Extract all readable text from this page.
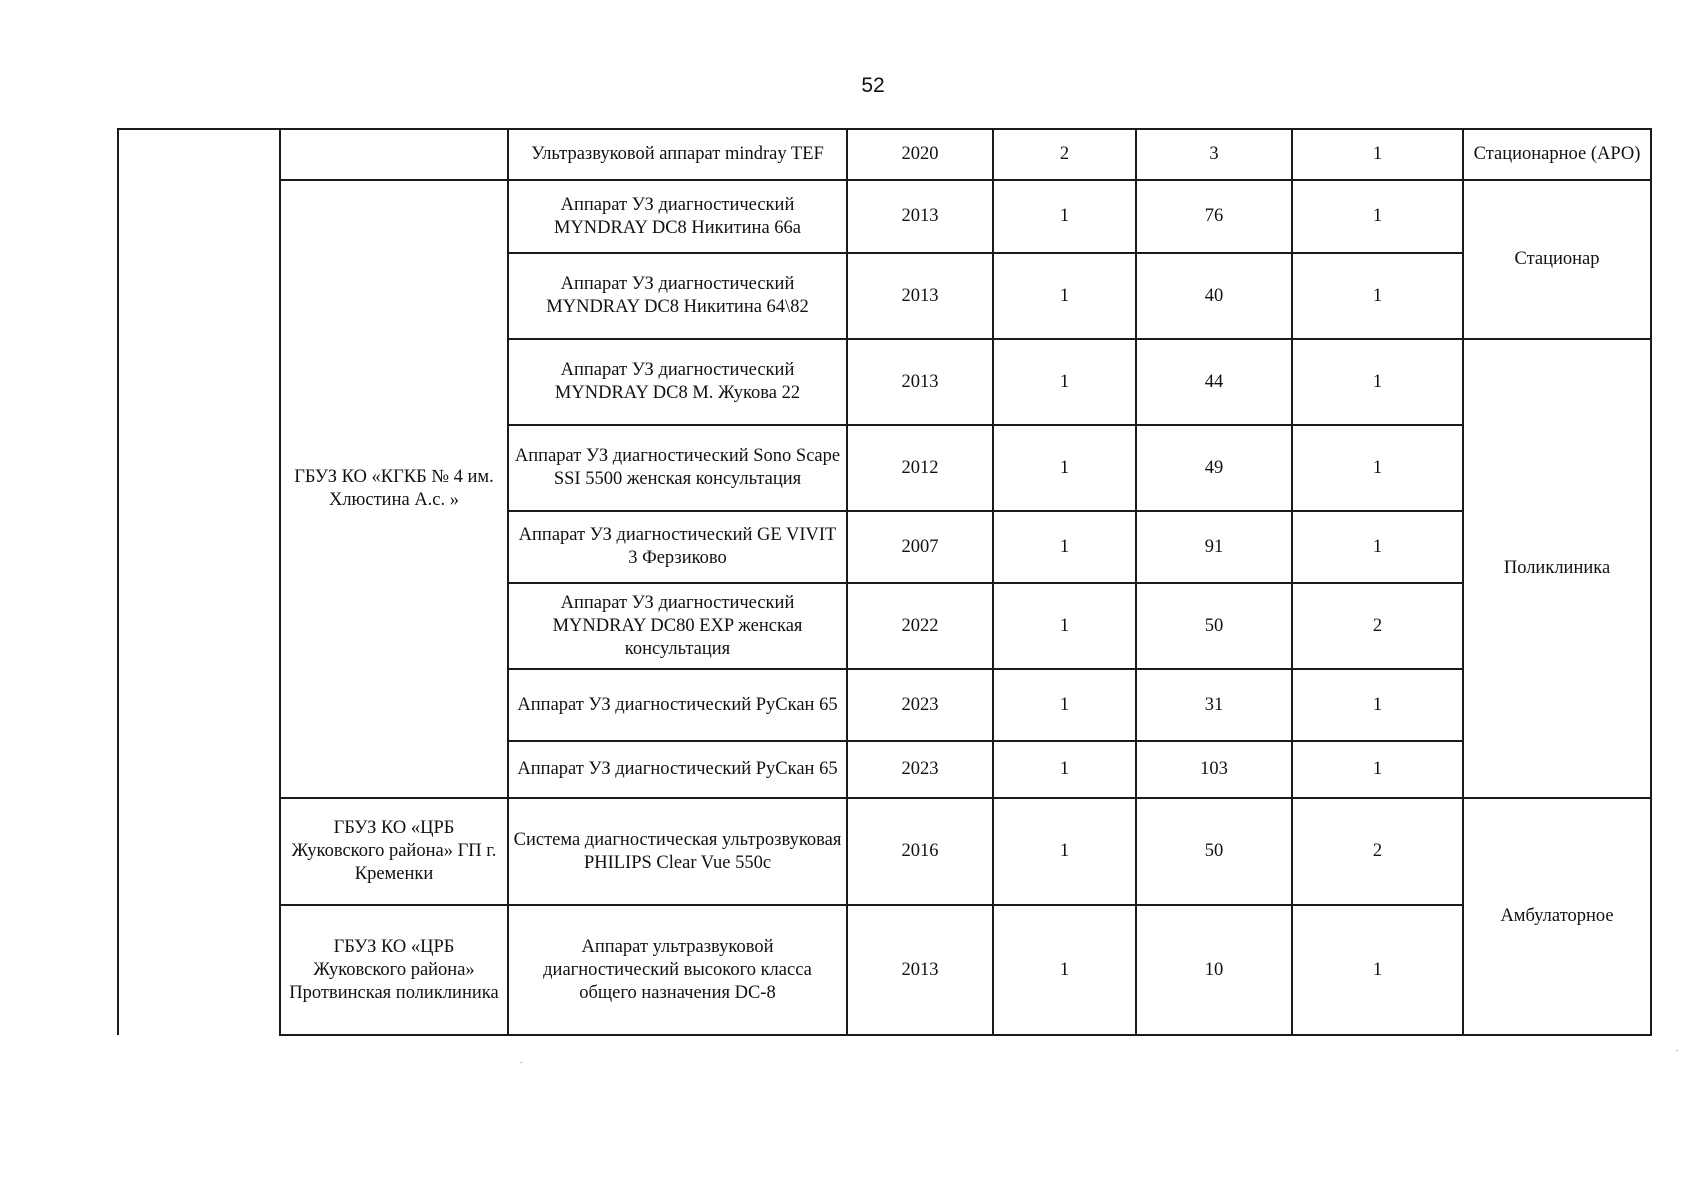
52
		Ультразвуковой аппарат mindray TEF	2020	2	3	1	Стационарное (АРО)
	ГБУЗ КО «КГКБ № 4 им. Хлюстина А.с. »	Аппарат УЗ диагностический MYNDRAY DC8 Никитина 66а	2013	1	76	1	Стационар
		Аппарат УЗ диагностический MYNDRAY DC8 Никитина 64\82	2013	1	40	1	
		Аппарат УЗ диагностический MYNDRAY DC8 М. Жукова 22	2013	1	44	1	Поликлиника
		Аппарат УЗ диагностический Sono Scape SSI 5500 женская консультация	2012	1	49	1	
		Аппарат УЗ диагностический GE VIVIT 3 Ферзиково	2007	1	91	1	
		Аппарат УЗ диагностический MYNDRAY DC80 EXP женская консультация	2022	1	50	2	
		Аппарат УЗ диагностический РуСкан 65	2023	1	31	1	
		Аппарат УЗ диагностический РуСкан 65	2023	1	103	1	
	ГБУЗ КО «ЦРБ Жуковского района» ГП г. Кременки	Система диагностическая ультрозвуковая PHILIPS Clear Vue 550с	2016	1	50	2	Амбулаторное
	ГБУЗ КО «ЦРБ Жуковского района» Протвинская поликлиника	Аппарат ультразвуковой диагностический высокого класса общего назначения DC-8	2013	1	10	1	
